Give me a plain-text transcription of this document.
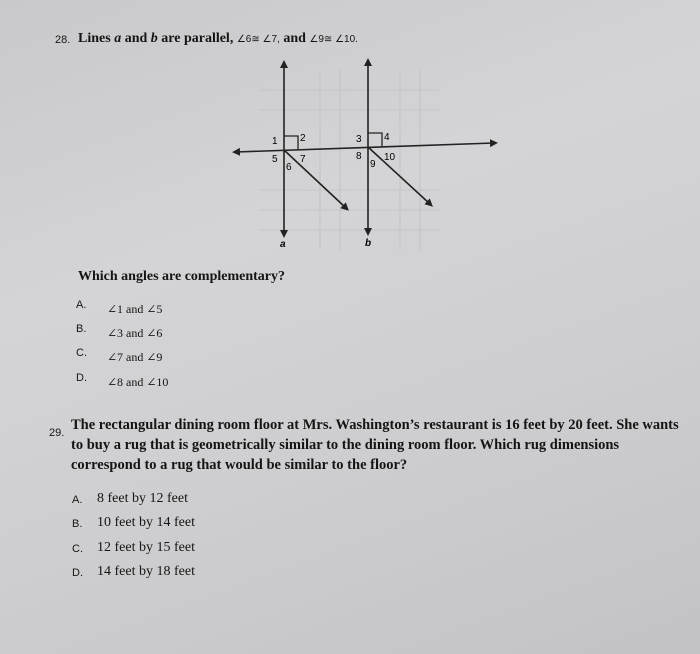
28. Lines a and b are parallel, ∠6≅ ∠7, and ∠9≅ ∠10.
1 2
5
6
7
3 4
8
9
10
a	b
Which angles are complementary?
A. ∠1 and ∠5
B. ∠3 and ∠6
C. ∠7 and ∠9
D. ∠8 and ∠10
29. The rectangular dining room floor at Mrs. Washington’s restaurant is 16 feet by 20 feet. She wants to buy a rug that is geometrically similar to the dining room floor. Which rug dimensions correspond to a rug that would be similar to the floor?
A. 8 feet by 12 feet
B. 10 feet by 14 feet
C. 12 feet by 15 feet
D. 14 feet by 18 feet
